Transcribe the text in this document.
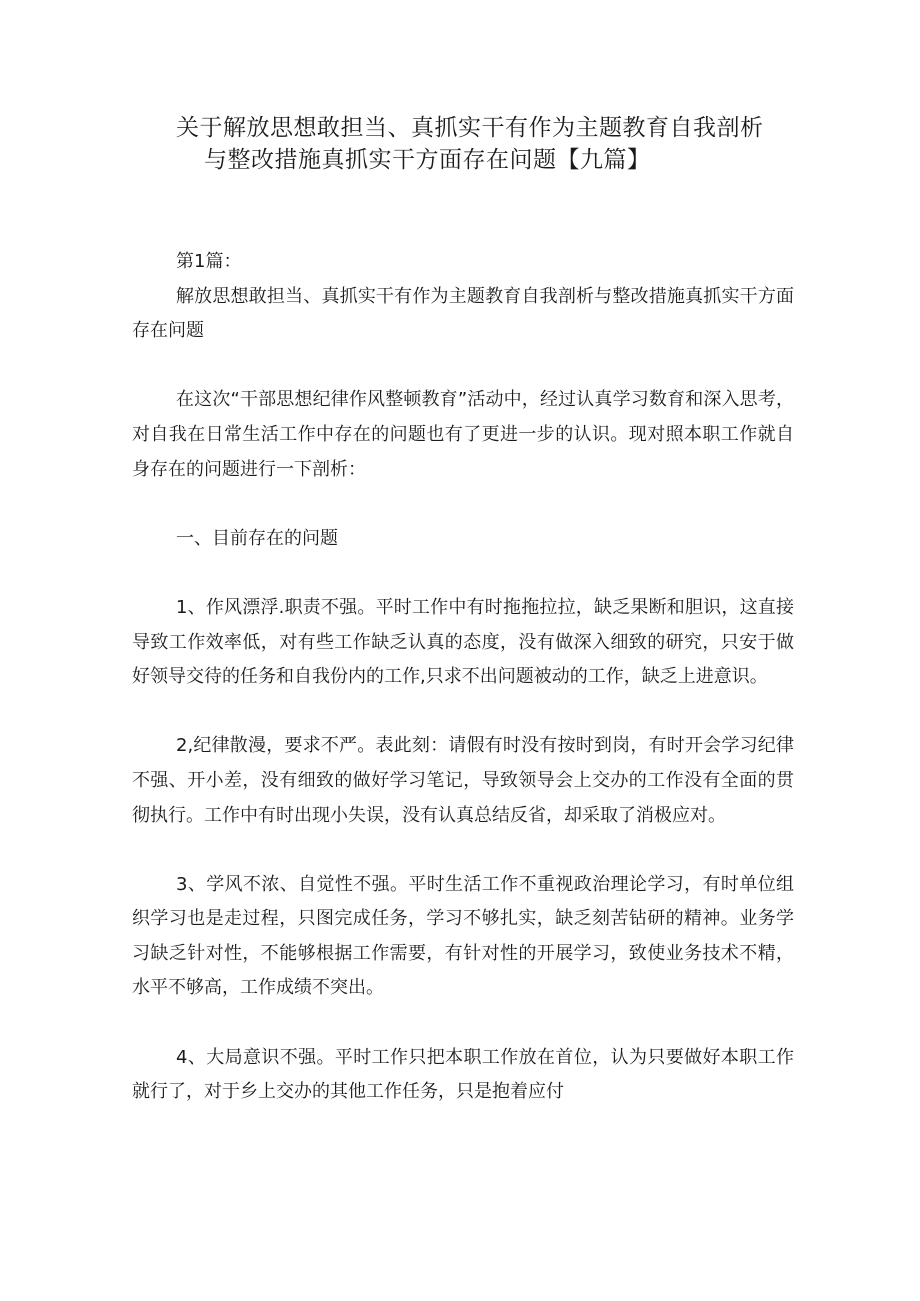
关于解放思想敢担当、真抓实干有作为主题教育自我剖析
与整改措施真抓实干方面存在问题【九篇】

第1篇：

解放思想敢担当、真抓实干有作为主题教育自我剖析与整改措施真抓实干方面存在问题

在这次“干部思想纪律作风整顿教育”活动中，经过认真学习数育和深入思考，对自我在日常生活工作中存在的问题也有了更进一步的认识。现对照本职工作就自身存在的问题进行一下剖析：

一、目前存在的问题

1、作风漂浮.职责不强。平时工作中有时拖拖拉拉，缺乏果断和胆识，这直接导致工作效率低，对有些工作缺乏认真的态度，没有做深入细致的研究，只安于做好领导交待的任务和自我份内的工作,只求不出问题被动的工作，缺乏上进意识。

2,纪律散漫，要求不严。表此刻：请假有时没有按时到岗，有时开会学习纪律不强、开小差，没有细致的做好学习笔记，导致领导会上交办的工作没有全面的贯彻执行。工作中有时出现小失误，没有认真总结反省，却采取了消极应对。

3、学风不浓、自觉性不强。平时生活工作不重视政治理论学习，有时单位组织学习也是走过程，只图完成任务，学习不够扎实，缺乏刻苦钻研的精神。业务学习缺乏针对性，不能够根据工作需要，有针对性的开展学习，致使业务技术不精，水平不够高，工作成绩不突出。

4、大局意识不强。平时工作只把本职工作放在首位，认为只要做好本职工作就行了，对于乡上交办的其他工作任务，只是抱着应付
